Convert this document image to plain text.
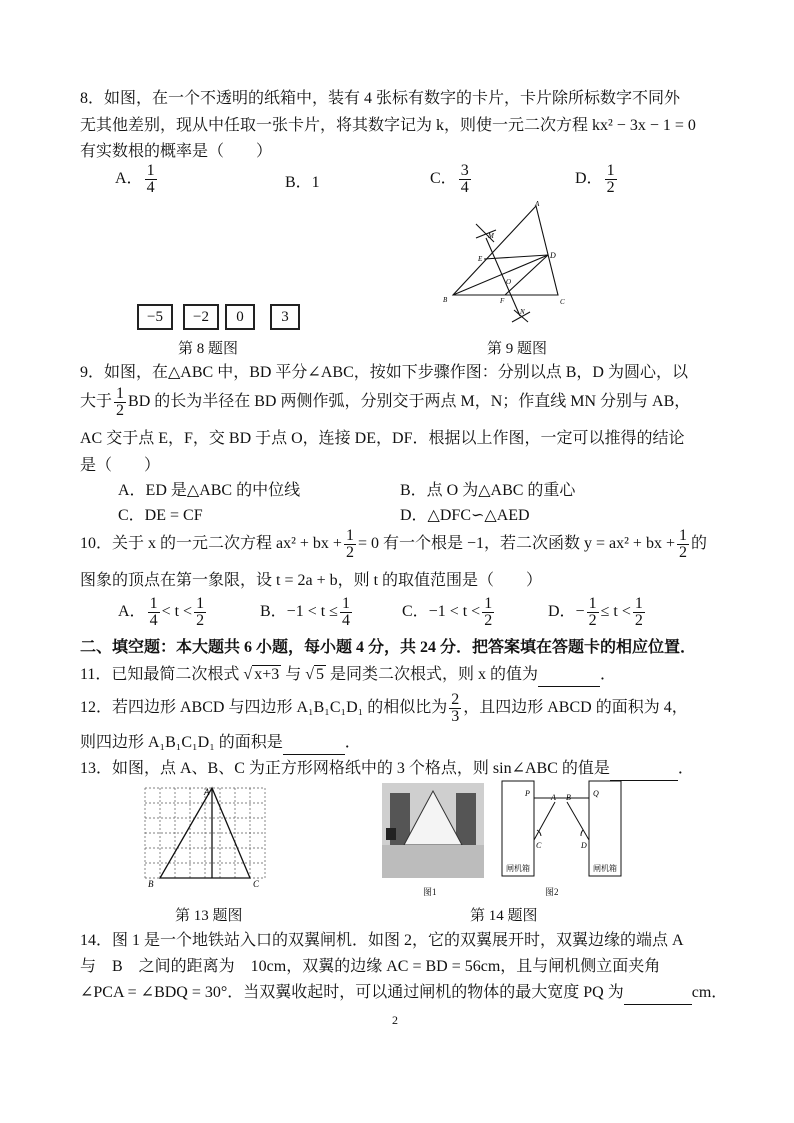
8．如图，在一个不透明的纸箱中，装有 4 张标有数字的卡片，卡片除所标数字不同外
无其他差别，现从中任取一张卡片，将其数字记为 k，则使一元二次方程 kx² − 3x − 1 = 0
有实数根的概率是（　　）
A． $\frac{1}{4}$	B．1	C． $\frac{3}{4}$	D． $\frac{1}{2}$
−5	−2	0	3
第 8 题图
A
B	C
D
E
F
M
N
O
第 9 题图
9．如图，在△ABC 中，BD 平分∠ABC，按如下步骤作图：分别以点 B，D 为圆心，以
大于 $\frac{1}{2}$ BD 的长为半径在 BD 两侧作弧，分别交于两点 M，N；作直线 MN 分别与 AB，
AC 交于点 E，F，交 BD 于点 O，连接 DE，DF．根据以上作图，一定可以推得的结论
是（　　）
A．ED 是△ABC 的中位线	B．点 O 为△ABC 的重心
C．DE = CF	D．△DFC∽△AED
10．关于 x 的一元二次方程 ax² + bx + $\frac{1}{2} = 0$ 有一个根是 −1，若二次函数 y = ax² + bx + $\frac{1}{2}$ 的
图象的顶点在第一象限，设 t = 2a + b，则 t 的取值范围是（　　）
A． $\frac{1}{4} < t < \frac{1}{2}$	B．$-1 < t \le \frac{1}{4}$	C．$-1 < t < \frac{1}{2}$	D．− $\frac{1}{2} \le t < \frac{1}{2}$
二、填空题：本大题共 6 小题，每小题 4 分，共 24 分．把答案填在答题卡的相应位置．
11．已知最简二次根式 √ x+3 与 √ 5 是同类二次根式，则 x 的值为	．
12．若四边形 ABCD 与四边形 A₁B₁C₁D₁ 的相似比为 $\frac{2}{3}$ ，且四边形 ABCD 的面积为 4，
则四边形 A₁B₁C₁D₁ 的面积是	．
13．如图，点 A、B、C 为正方形网格纸中的 3 个格点，则 sin∠ABC 的值是	．
A
B	C
第 13 题图
图1
P	Q
A B
C	D
闸机箱	闸机箱
图2
第 14 题图
14．图 1 是一个地铁站入口的双翼闸机．如图 2，它的双翼展开时，双翼边缘的端点 A
与　B　之间的距离为　10cm，双翼的边缘 AC = BD = 56cm，且与闸机侧立面夹角
∠PCA = ∠BDQ = 30°．当双翼收起时，可以通过闸机的物体的最大宽度 PQ 为	cm．
2
